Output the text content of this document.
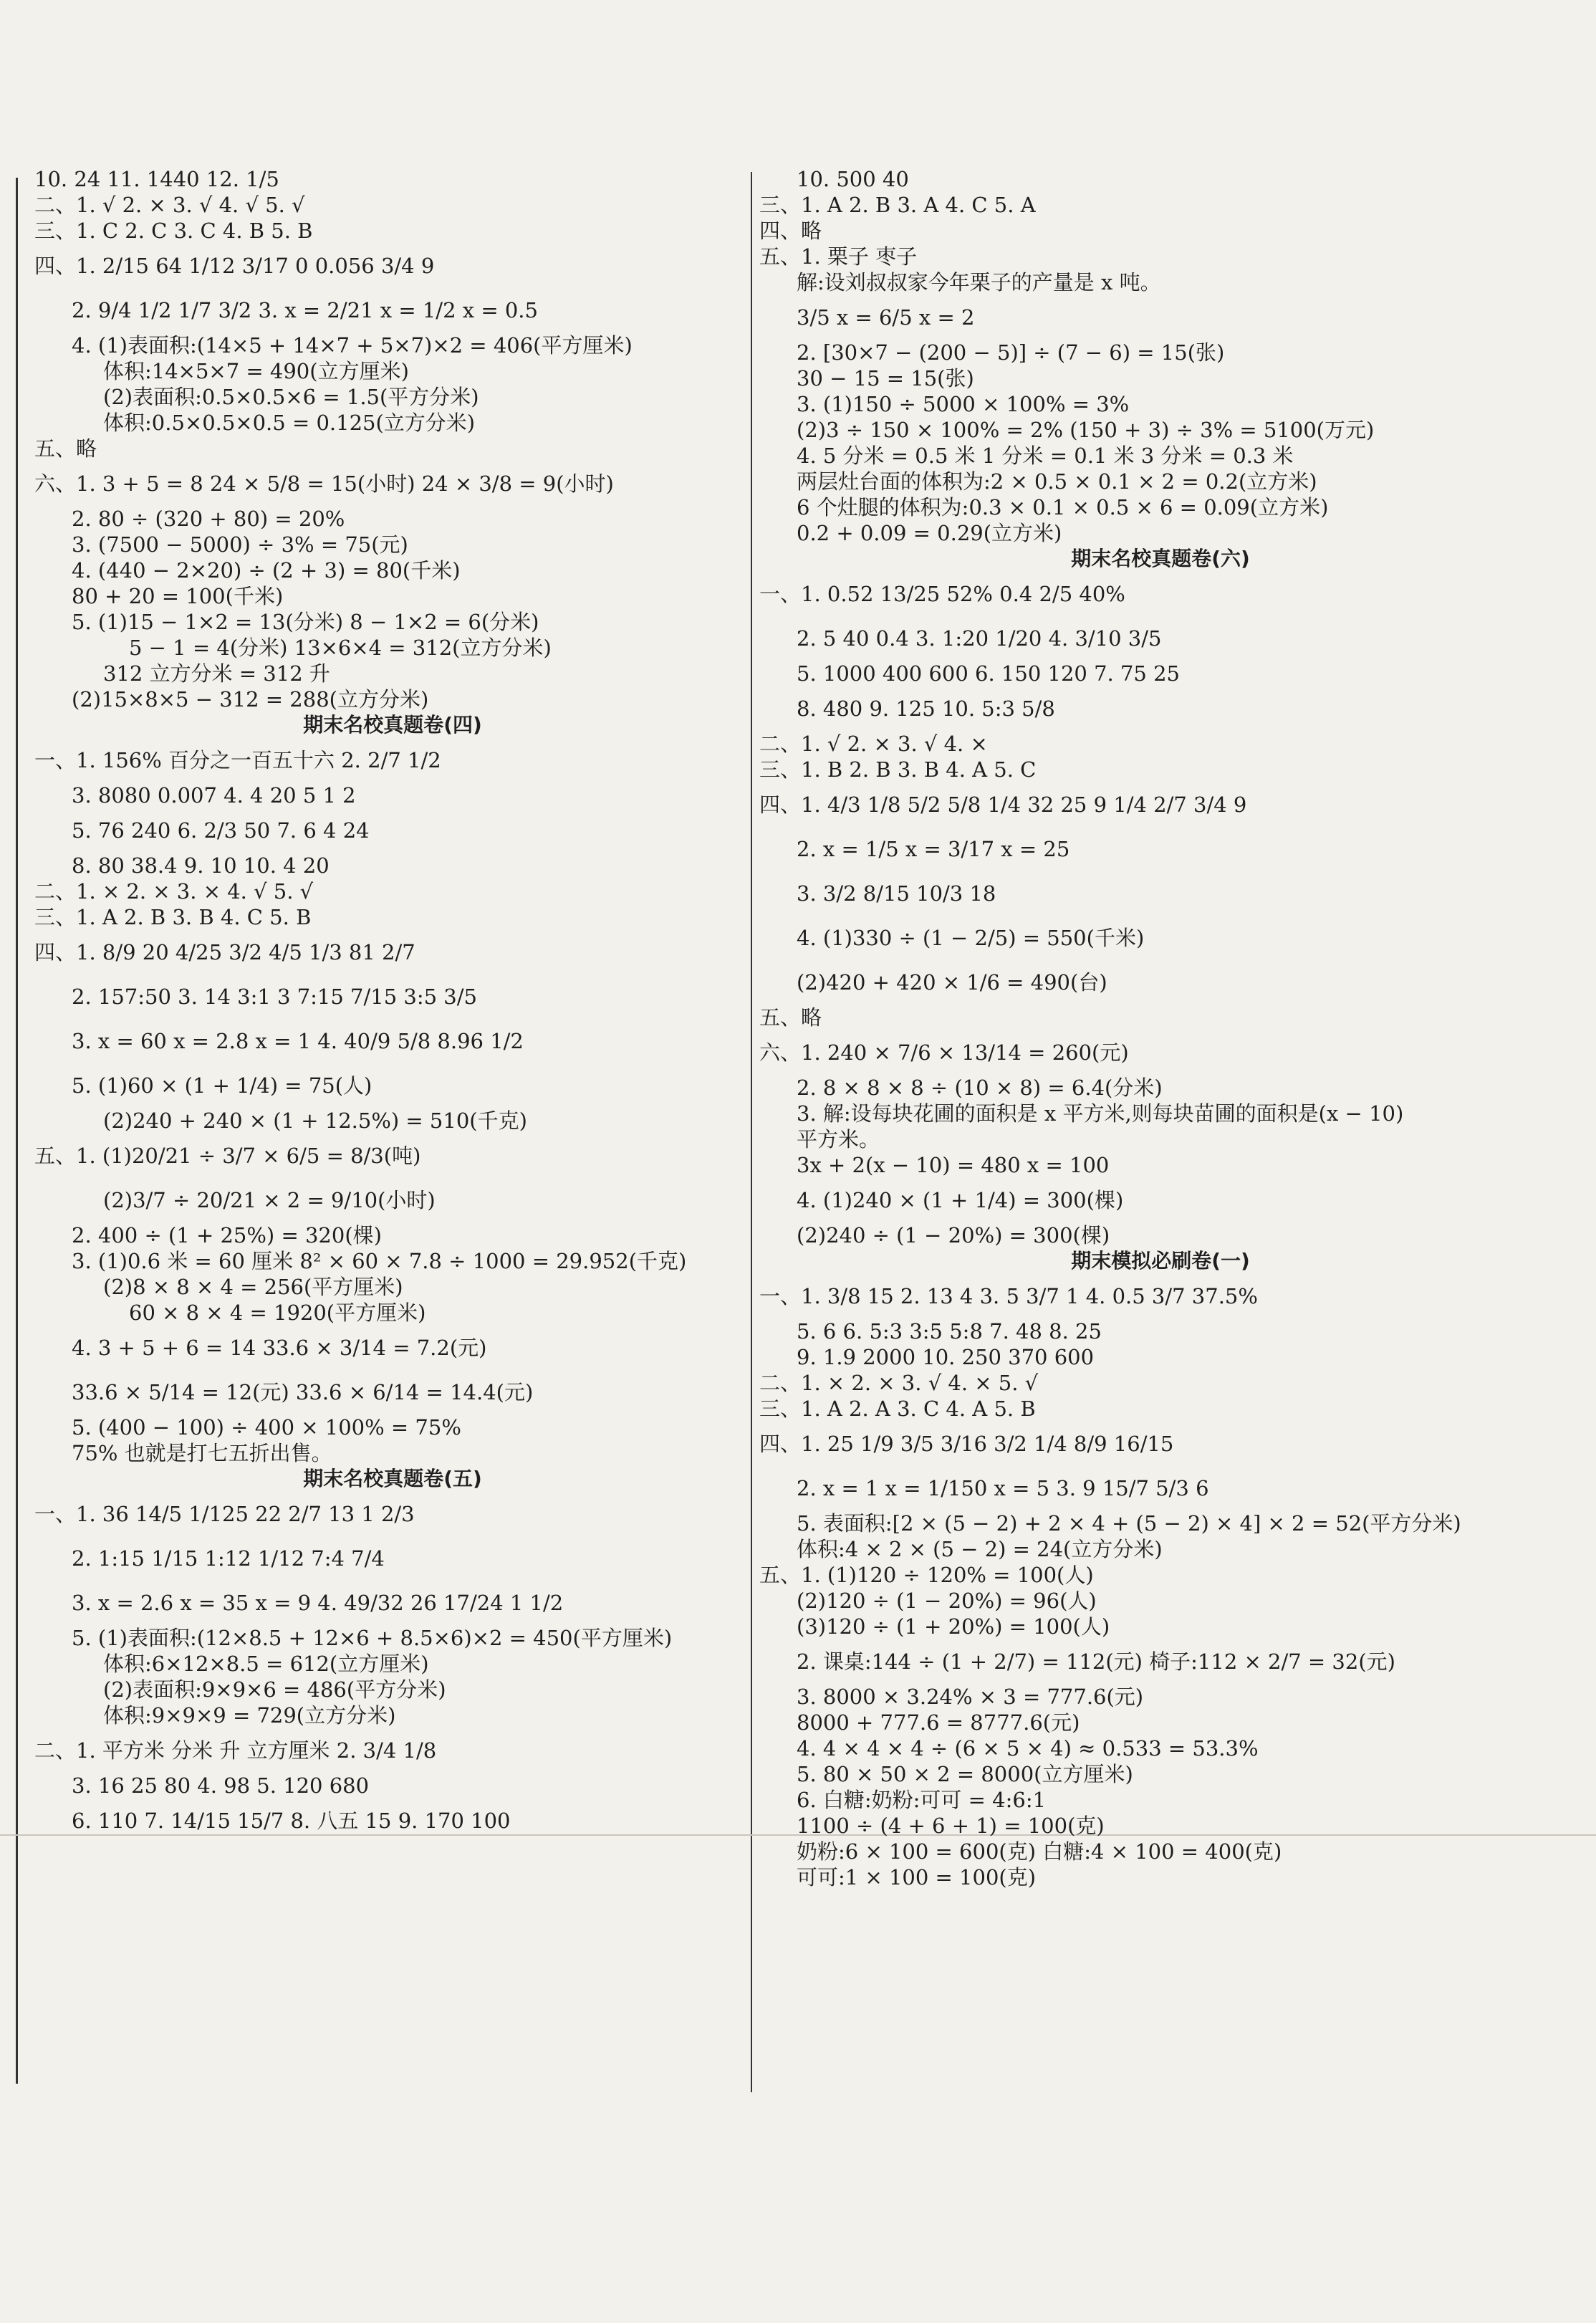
10. 24 11. 1440 12. 1/5
二、1. √ 2. × 3. √ 4. √ 5. √
三、1. C 2. C 3. C 4. B 5. B
四、1. 2/15 64 1/12 3/17 0 0.056 3/4 9
2. 9/4 1/2 1/7 3/2 3. x = 2/21 x = 1/2 x = 0.5
4. (1)表面积:(14×5 + 14×7 + 5×7)×2 = 406(平方厘米)
体积:14×5×7 = 490(立方厘米)
(2)表面积:0.5×0.5×6 = 1.5(平方分米)
体积:0.5×0.5×0.5 = 0.125(立方分米)
五、略
六、1. 3 + 5 = 8 24 × 5/8 = 15(小时) 24 × 3/8 = 9(小时)
2. 80 ÷ (320 + 80) = 20%
3. (7500 − 5000) ÷ 3% = 75(元)
4. (440 − 2×20) ÷ (2 + 3) = 80(千米)
80 + 20 = 100(千米)
5. (1)15 − 1×2 = 13(分米) 8 − 1×2 = 6(分米)
5 − 1 = 4(分米) 13×6×4 = 312(立方分米)
312 立方分米 = 312 升
(2)15×8×5 − 312 = 288(立方分米)
期末名校真题卷(四)
一、1. 156% 百分之一百五十六 2. 2/7 1/2
3. 8080 0.007 4. 4 20 5 1 2
5. 76 240 6. 2/3 50 7. 6 4 24
8. 80 38.4 9. 10 10. 4 20
二、1. × 2. × 3. × 4. √ 5. √
三、1. A 2. B 3. B 4. C 5. B
四、1. 8/9 20 4/25 3/2 4/5 1/3 81 2/7
2. 157:50 3. 14 3:1 3 7:15 7/15 3:5 3/5
3. x = 60 x = 2.8 x = 1 4. 40/9 5/8 8.96 1/2
5. (1)60 × (1 + 1/4) = 75(人)
(2)240 + 240 × (1 + 12.5%) = 510(千克)
五、1. (1)20/21 ÷ 3/7 × 6/5 = 8/3(吨)
(2)3/7 ÷ 20/21 × 2 = 9/10(小时)
2. 400 ÷ (1 + 25%) = 320(棵)
3. (1)0.6 米 = 60 厘米 8² × 60 × 7.8 ÷ 1000 = 29.952(千克)
(2)8 × 8 × 4 = 256(平方厘米)
60 × 8 × 4 = 1920(平方厘米)
4. 3 + 5 + 6 = 14 33.6 × 3/14 = 7.2(元)
33.6 × 5/14 = 12(元) 33.6 × 6/14 = 14.4(元)
5. (400 − 100) ÷ 400 × 100% = 75%
75% 也就是打七五折出售。
期末名校真题卷(五)
一、1. 36 14/5 1/125 22 2/7 13 1 2/3
2. 1:15 1/15 1:12 1/12 7:4 7/4
3. x = 2.6 x = 35 x = 9 4. 49/32 26 17/24 1 1/2
5. (1)表面积:(12×8.5 + 12×6 + 8.5×6)×2 = 450(平方厘米)
体积:6×12×8.5 = 612(立方厘米)
(2)表面积:9×9×6 = 486(平方分米)
体积:9×9×9 = 729(立方分米)
二、1. 平方米 分米 升 立方厘米 2. 3/4 1/8
3. 16 25 80 4. 98 5. 120 680
6. 110 7. 14/15 15/7 8. 八五 15 9. 170 100
10. 500 40
三、1. A 2. B 3. A 4. C 5. A
四、略
五、1. 栗子 枣子
解:设刘叔叔家今年栗子的产量是 x 吨。
3/5 x = 6/5 x = 2
2. [30×7 − (200 − 5)] ÷ (7 − 6) = 15(张)
30 − 15 = 15(张)
3. (1)150 ÷ 5000 × 100% = 3%
(2)3 ÷ 150 × 100% = 2% (150 + 3) ÷ 3% = 5100(万元)
4. 5 分米 = 0.5 米 1 分米 = 0.1 米 3 分米 = 0.3 米
两层灶台面的体积为:2 × 0.5 × 0.1 × 2 = 0.2(立方米)
6 个灶腿的体积为:0.3 × 0.1 × 0.5 × 6 = 0.09(立方米)
0.2 + 0.09 = 0.29(立方米)
期末名校真题卷(六)
一、1. 0.52 13/25 52% 0.4 2/5 40%
2. 5 40 0.4 3. 1:20 1/20 4. 3/10 3/5
5. 1000 400 600 6. 150 120 7. 75 25
8. 480 9. 125 10. 5:3 5/8
二、1. √ 2. × 3. √ 4. ×
三、1. B 2. B 3. B 4. A 5. C
四、1. 4/3 1/8 5/2 5/8 1/4 32 25 9 1/4 2/7 3/4 9
2. x = 1/5 x = 3/17 x = 25
3. 3/2 8/15 10/3 18
4. (1)330 ÷ (1 − 2/5) = 550(千米)
(2)420 + 420 × 1/6 = 490(台)
五、略
六、1. 240 × 7/6 × 13/14 = 260(元)
2. 8 × 8 × 8 ÷ (10 × 8) = 6.4(分米)
3. 解:设每块花圃的面积是 x 平方米,则每块苗圃的面积是(x − 10)
平方米。
3x + 2(x − 10) = 480 x = 100
4. (1)240 × (1 + 1/4) = 300(棵)
(2)240 ÷ (1 − 20%) = 300(棵)
期末模拟必刷卷(一)
一、1. 3/8 15 2. 13 4 3. 5 3/7 1 4. 0.5 3/7 37.5%
5. 6 6. 5:3 3:5 5:8 7. 48 8. 25
9. 1.9 2000 10. 250 370 600
二、1. × 2. × 3. √ 4. × 5. √
三、1. A 2. A 3. C 4. A 5. B
四、1. 25 1/9 3/5 3/16 3/2 1/4 8/9 16/15
2. x = 1 x = 1/150 x = 5 3. 9 15/7 5/3 6
5. 表面积:[2 × (5 − 2) + 2 × 4 + (5 − 2) × 4] × 2 = 52(平方分米)
体积:4 × 2 × (5 − 2) = 24(立方分米)
五、1. (1)120 ÷ 120% = 100(人)
(2)120 ÷ (1 − 20%) = 96(人)
(3)120 ÷ (1 + 20%) = 100(人)
2. 课桌:144 ÷ (1 + 2/7) = 112(元) 椅子:112 × 2/7 = 32(元)
3. 8000 × 3.24% × 3 = 777.6(元)
8000 + 777.6 = 8777.6(元)
4. 4 × 4 × 4 ÷ (6 × 5 × 4) ≈ 0.533 = 53.3%
5. 80 × 50 × 2 = 8000(立方厘米)
6. 白糖:奶粉:可可 = 4:6:1
1100 ÷ (4 + 6 + 1) = 100(克)
奶粉:6 × 100 = 600(克) 白糖:4 × 100 = 400(克)
可可:1 × 100 = 100(克)
